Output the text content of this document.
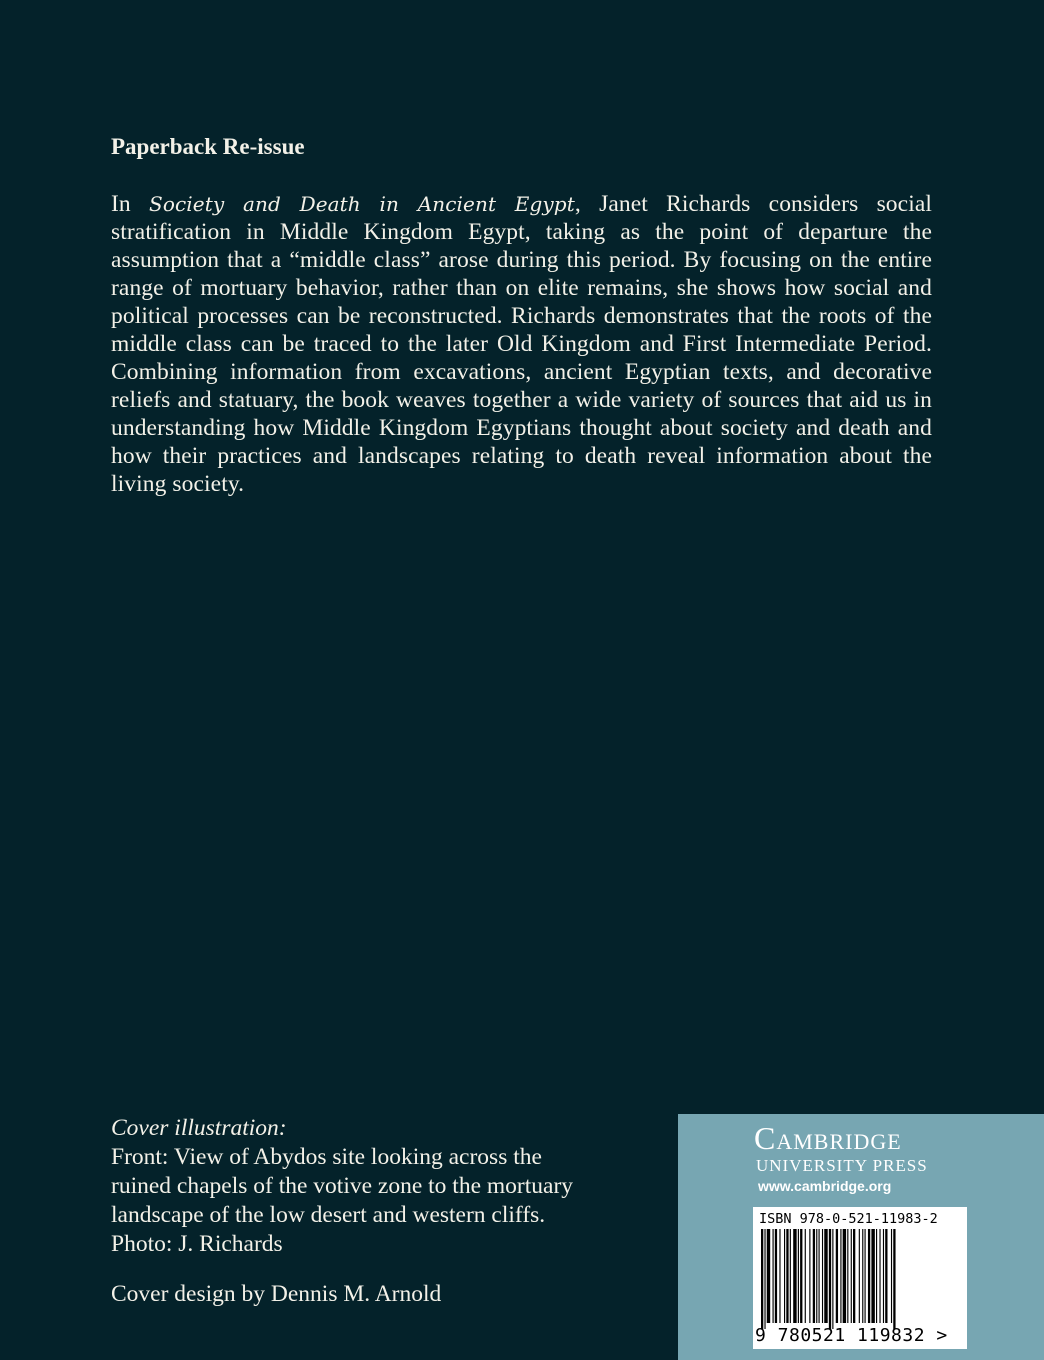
Paperback Re-issue

In Society and Death in Ancient Egypt, Janet Richards considers social stratification in Middle Kingdom Egypt, taking as the point of departure the assumption that a “middle class” arose during this period. By focusing on the entire range of mortuary behavior, rather than on elite remains, she shows how social and political processes can be reconstructed. Richards demonstrates that the roots of the middle class can be traced to the later Old Kingdom and First Intermediate Period. Combining information from excavations, ancient Egyptian texts, and decorative reliefs and statuary, the book weaves together a wide variety of sources that aid us in understanding how Middle Kingdom Egyptians thought about society and death and how their practices and landscapes relating to death reveal information about the living society.

Cover illustration:
Front: View of Abydos site looking across the ruined chapels of the votive zone to the mortuary landscape of the low desert and western cliffs. Photo: J. Richards
Cover design by Dennis M. Arnold
Cambridge
UNIVERSITY PRESS
www.cambridge.org
ISBN 978-0-521-11983-2
9 780521 119832 >
